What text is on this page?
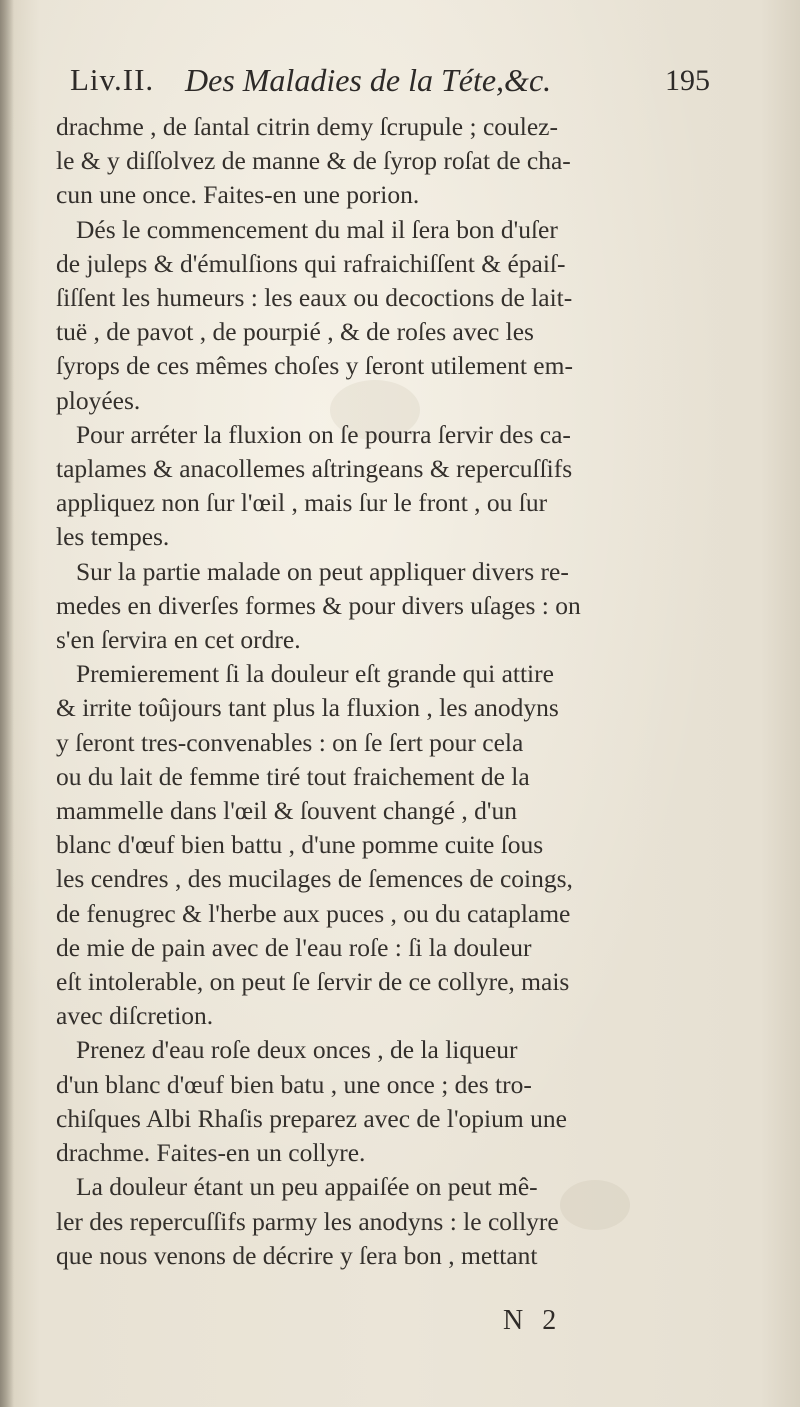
Liv.II. Des Maladies de la Téte,&c.	195
drachme , de ſantal citrin demy ſcrupule ; coulez-
le & y diſſolvez de manne & de ſyrop roſat de cha-
cun une once. Faites-en une porion.
Dés le commencement du mal il ſera bon d'uſer
de juleps & d'émulſions qui rafraichiſſent & épaiſ-
ſiſſent les humeurs : les eaux ou decoctions de lait-
tuë , de pavot , de pourpié , & de roſes avec les
ſyrops de ces mêmes choſes y ſeront utilement em-
ployées.
Pour arréter la fluxion on ſe pourra ſervir des ca-
taplames & anacollemes aſtringeans & repercuſſifs
appliquez non ſur l'œil , mais ſur le front , ou ſur
les tempes.
Sur la partie malade on peut appliquer divers re-
medes en diverſes formes & pour divers uſages : on
s'en ſervira en cet ordre.
Premierement ſi la douleur eſt grande qui attire
& irrite toûjours tant plus la fluxion , les anodyns
y ſeront tres-convenables : on ſe ſert pour cela
ou du lait de femme tiré tout fraichement de la
mammelle dans l'œil & ſouvent changé , d'un
blanc d'œuf bien battu , d'une pomme cuite ſous
les cendres , des mucilages de ſemences de coings,
de fenugrec & l'herbe aux puces , ou du cataplame
de mie de pain avec de l'eau roſe : ſi la douleur
eſt intolerable, on peut ſe ſervir de ce collyre, mais
avec diſcretion.
Prenez d'eau roſe deux onces , de la liqueur
d'un blanc d'œuf bien batu , une once ; des tro-
chiſques Albi Rhaſis preparez avec de l'opium une
drachme. Faites-en un collyre.
La douleur étant un peu appaiſée on peut mê-
ler des repercuſſifs parmy les anodyns : le collyre
que nous venons de décrire y ſera bon , mettant
N 2
